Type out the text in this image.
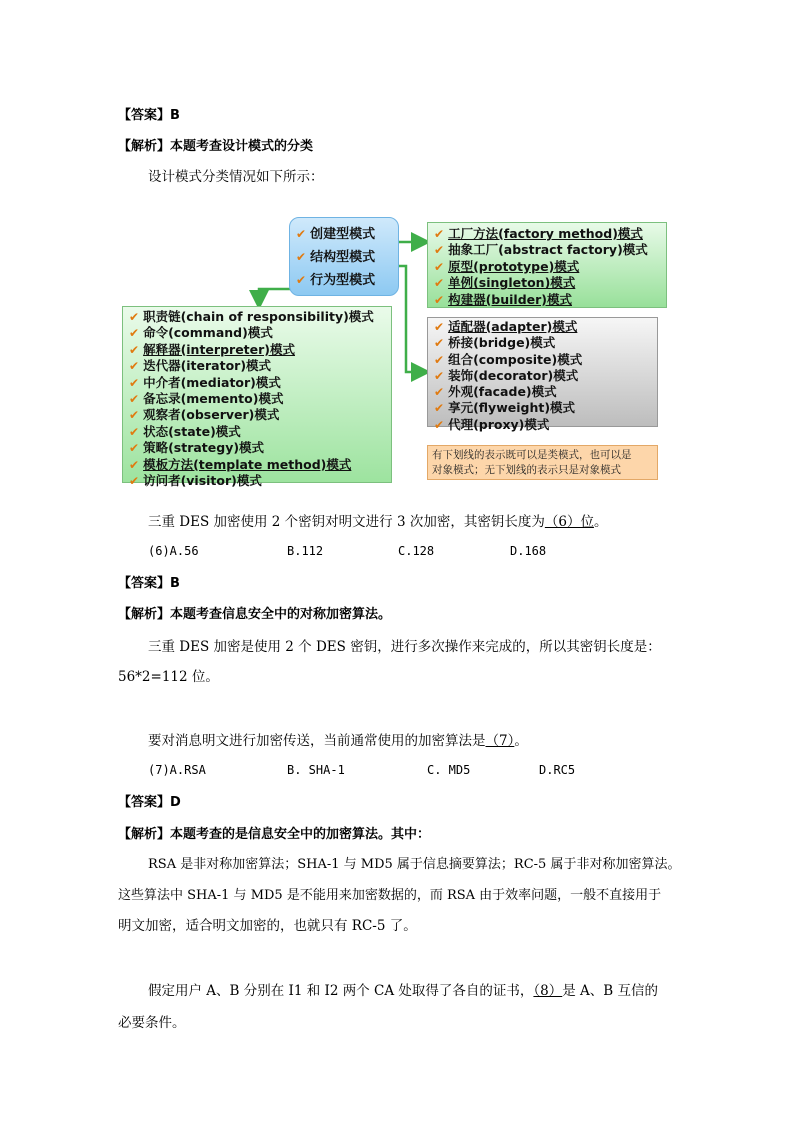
【答案】B
【解析】本题考查设计模式的分类
设计模式分类情况如下所示：
✔ 创建型模式
✔ 结构型模式
✔ 行为型模式
✔ 工厂方法(factory method)模式
✔ 抽象工厂(abstract factory)模式
✔ 原型(prototype)模式
✔ 单例(singleton)模式
✔ 构建器(builder)模式
✔ 职责链(chain of responsibility)模式
✔ 命令(command)模式
✔ 解释器(interpreter)模式
✔ 迭代器(iterator)模式
✔ 中介者(mediator)模式
✔ 备忘录(memento)模式
✔ 观察者(observer)模式
✔ 状态(state)模式
✔ 策略(strategy)模式
✔ 模板方法(template method)模式
✔ 访问者(visitor)模式
✔ 适配器(adapter)模式
✔ 桥接(bridge)模式
✔ 组合(composite)模式
✔ 装饰(decorator)模式
✔ 外观(facade)模式
✔ 享元(flyweight)模式
✔ 代理(proxy)模式
有下划线的表示既可以是类模式，也可以是
对象模式；无下划线的表示只是对象模式
三重 DES 加密使用 2 个密钥对明文进行 3 次加密，其密钥长度为（6）位。
(6)A.56	B.112	C.128	D.168
【答案】B
【解析】本题考查信息安全中的对称加密算法。
三重 DES 加密是使用 2 个 DES 密钥，进行多次操作来完成的，所以其密钥长度是：
56*2=112 位。
要对消息明文进行加密传送，当前通常使用的加密算法是（7）。
(7)A.RSA	B. SHA-1	C. MD5	D.RC5
【答案】D
【解析】本题考查的是信息安全中的加密算法。其中：
RSA 是非对称加密算法；SHA-1 与 MD5 属于信息摘要算法；RC-5 属于非对称加密算法。
这些算法中 SHA-1 与 MD5 是不能用来加密数据的，而 RSA 由于效率问题，一般不直接用于
明文加密，适合明文加密的，也就只有 RC-5 了。
假定用户 A、B 分别在 I1 和 I2 两个 CA 处取得了各自的证书，（8）是 A、B 互信的
必要条件。
